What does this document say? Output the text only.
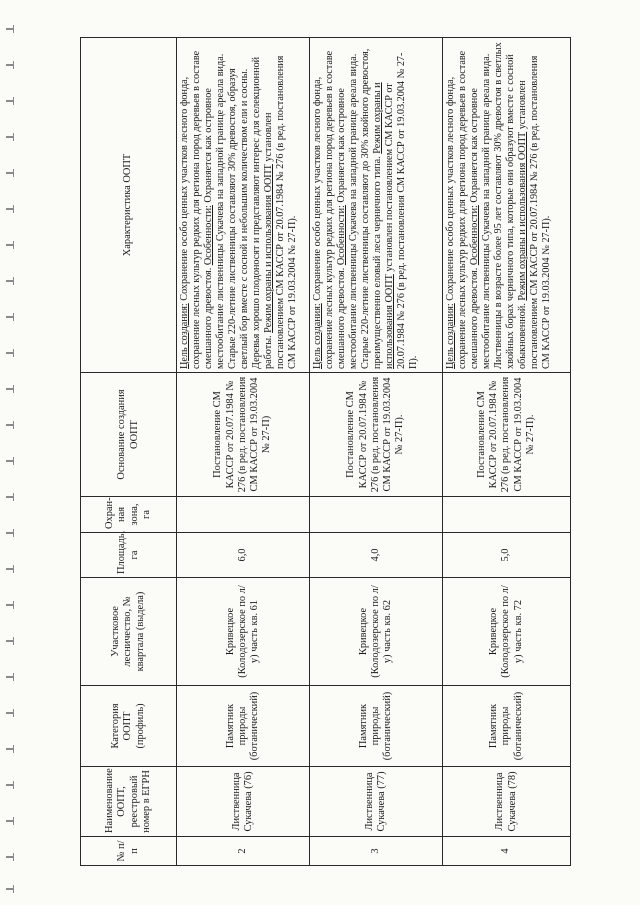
№ п/п	Наименование ООПТ, реестровый номер в ЕГРН	Категория ООПТ (профиль)	Участковое лесничество, № квартала (выдела)	Площадь, га	Охран-ная зона, га	Основание создания ООПТ	Характеристика ООПТ
2	Лиственница Сукачева (76)	Памятник природы (ботанический)	Кривецкое (Колодозерское по л/у) часть кв. 61	6,0		Постановление СМ КАССР от 20.07.1984 № 276 (в ред. постановления СМ КАССР от 19.03.2004 № 27-П)	Цель создания: Сохранение особо ценных участков лесного фонда, сохранение лесных культур редких для региона пород деревьев в составе смешанного древостоя. Особенности: Охраняется как островное местообитание лиственницы Сукачева на западной границе ареала вида. Старые 220-летние лиственницы составляют 30% древостоя, образуя светлый бор вместе с сосной и небольшим количеством ели и сосны. Деревья хорошо плодоносят и представляют интерес для селекционной работы. Режим охраны и использования ООПТ установлен постановлением СМ КАССР от 20.07.1984 № 276 (в ред. постановления СМ КАССР от 19.03.2004 № 27-П).
3	Лиственница Сукачева (77)	Памятник природы (ботанический)	Кривецкое (Колодозерское по л/у) часть кв. 62	4,0		Постановление СМ КАССР от 20.07.1984 № 276 (в ред. постановления СМ КАССР от 19.03.2004 № 27-П).	Цель создания: Сохранение особо ценных участков лесного фонда, сохранение лесных культур редких для региона пород деревьев в составе смешанного древостоя. Особенности: Охраняется как островное местообитание лиственницы Сукачева на западной границе ареала вида. Старые 220-летние лиственницы составляют до 30% хвойного древостоя, преимущественно еловый леса черничного типа. Режим охраны и использования ООПТ установлен постановлением СМ КАССР от 20.07.1984 № 276 (в ред. постановления СМ КАССР от 19.03.2004 № 27-П).
4	Лиственница Сукачева (78)	Памятник природы (ботанический)	Кривецкое (Колодозерское по л/у) часть кв. 72	5,0		Постановление СМ КАССР от 20.07.1984 № 276 (в ред. постановления СМ КАССР от 19.03.2004 № 27-П).	Цель создания: Сохранение особо ценных участков лесного фонда, сохранение лесных культур редких для региона пород деревьев в составе смешанного древостоя. Особенности: Охраняется как островное местообитание лиственницы Сукачева на западной границе ареала вида. Лиственницы в возрасте более 95 лет составляют 30% древостоя в светлых хвойных борах черничного типа, которые они образуют вместе с сосной обыкновенной. Режим охраны и использования ООПТ установлен постановлением СМ КАССР от 20.07.1984 № 276 (в ред. постановления СМ КАССР от 19.03.2004 № 27-П).
